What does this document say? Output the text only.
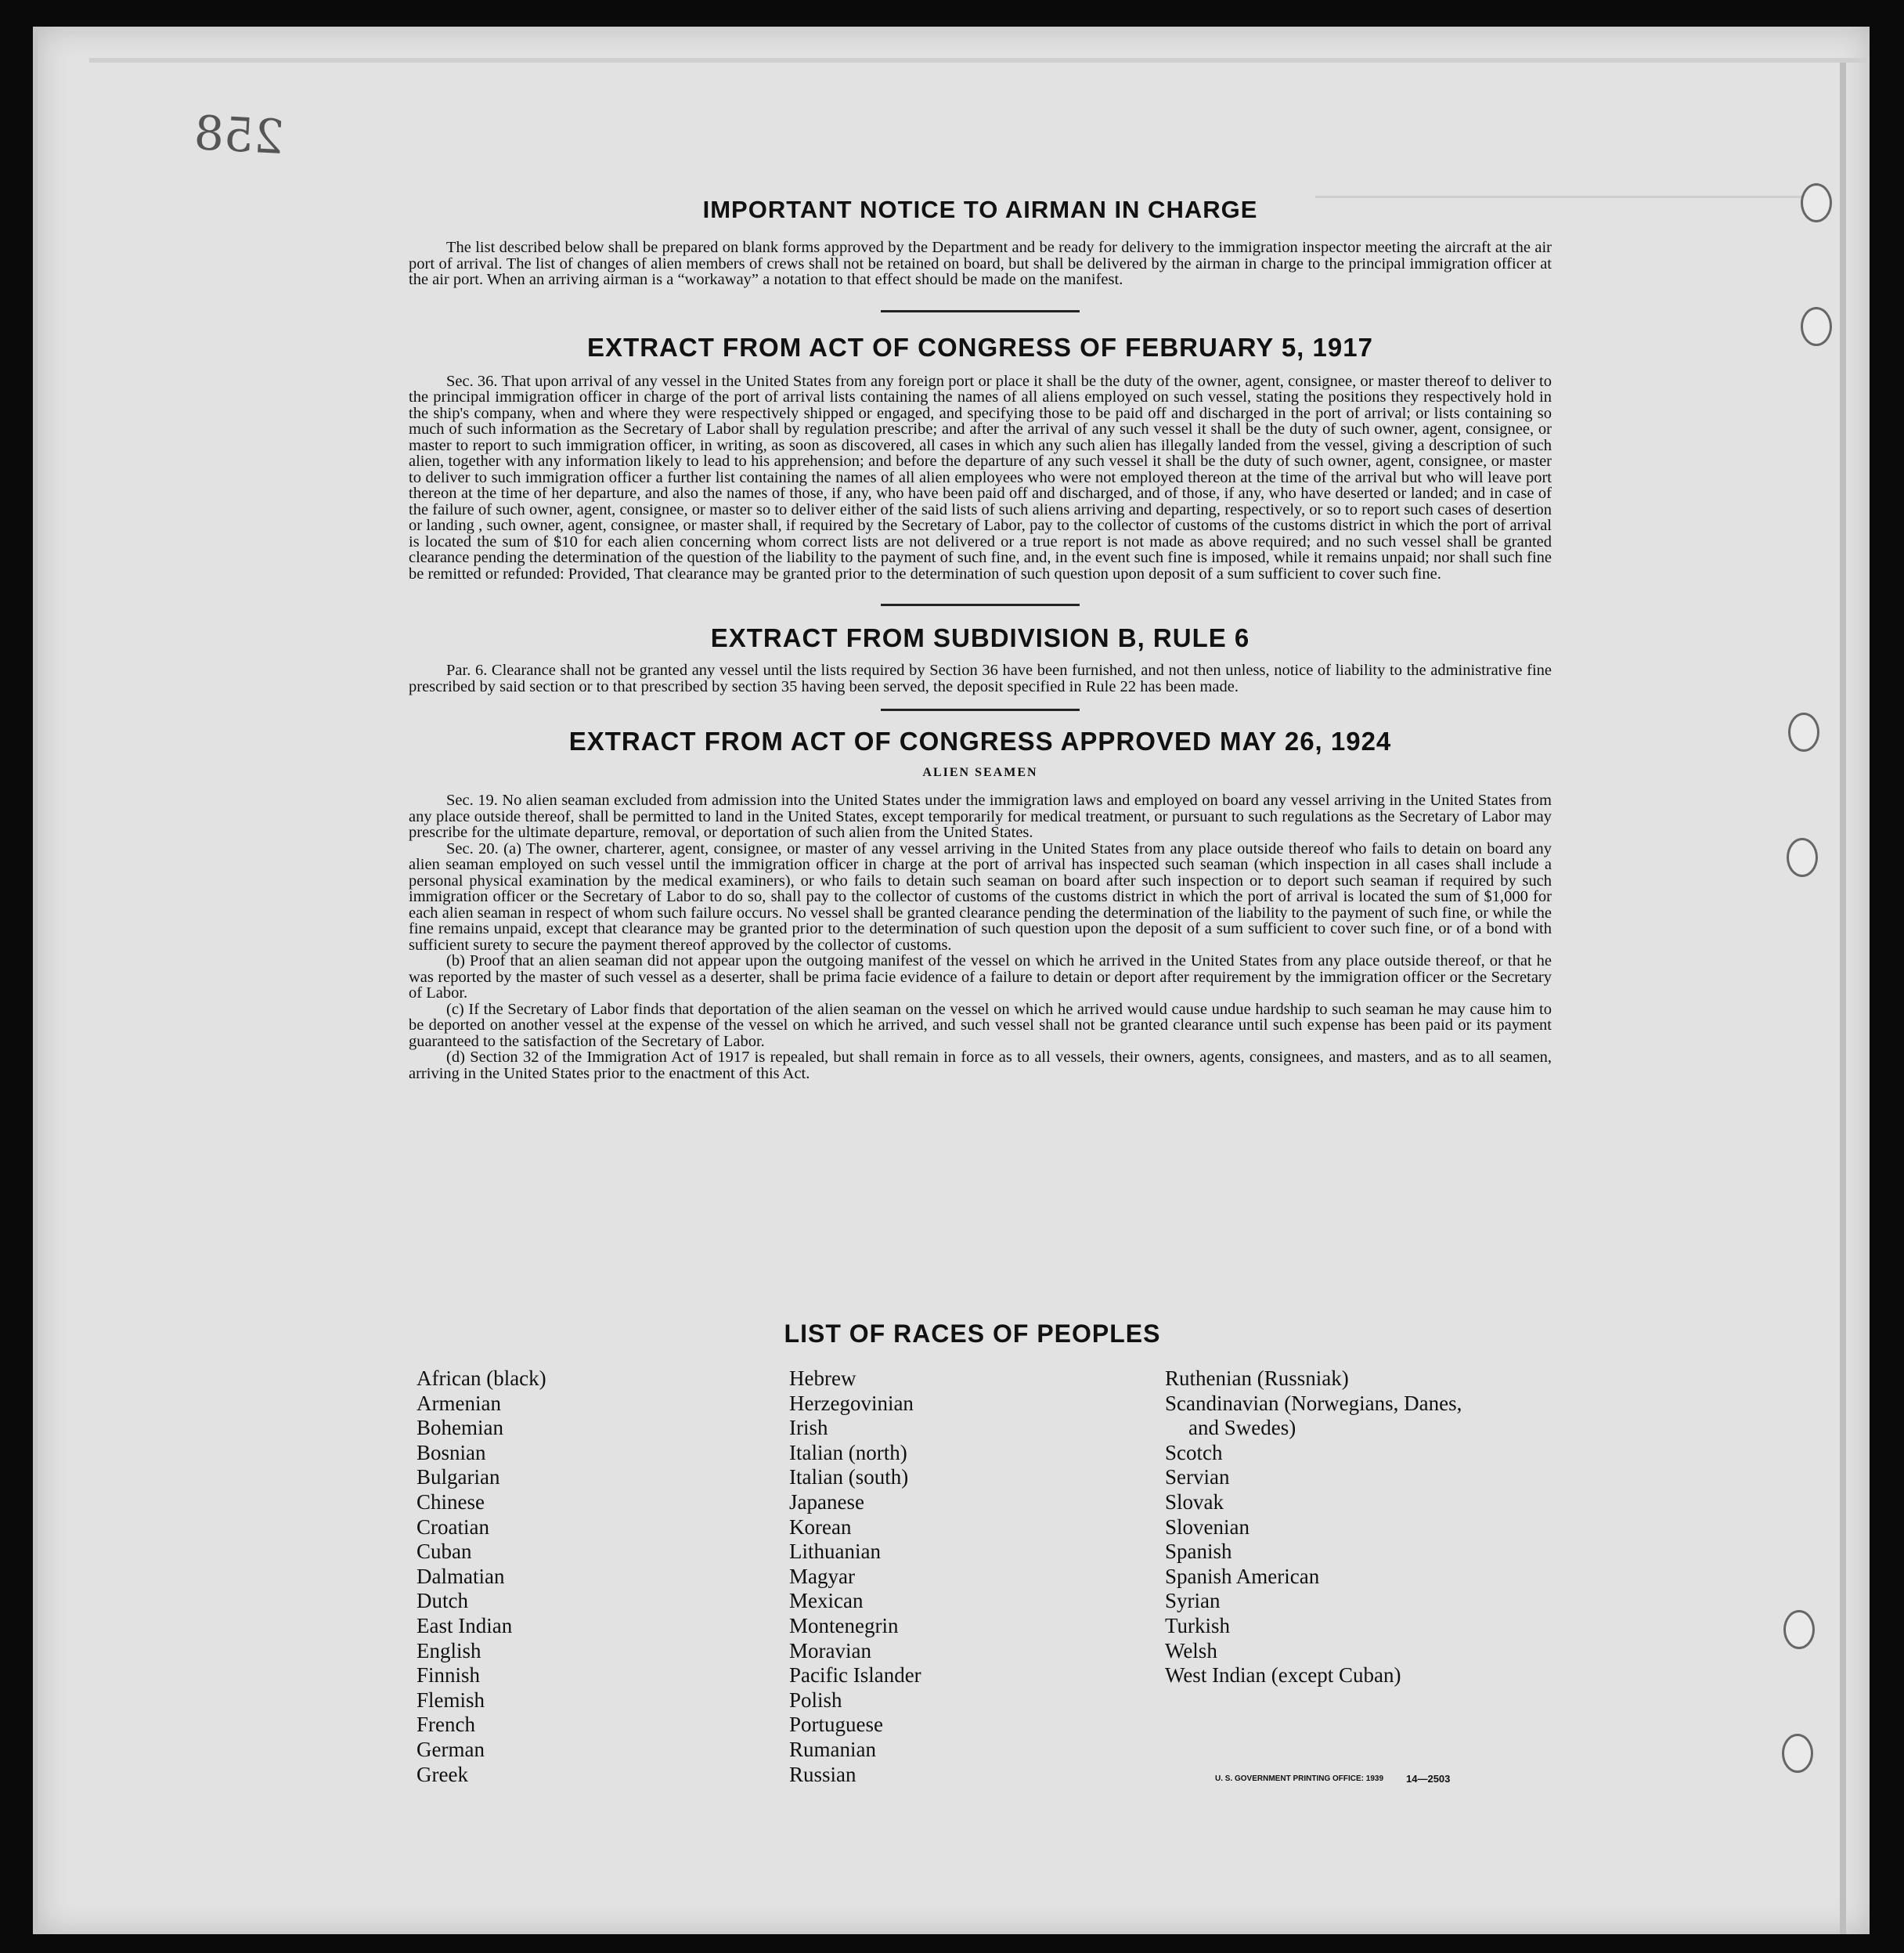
258
IMPORTANT NOTICE TO AIRMAN IN CHARGE

The list described below shall be prepared on blank forms approved by the Department and be ready for delivery to the immigration inspector meeting the aircraft at the air port of arrival. The list of changes of alien members of crews shall not be retained on board, but shall be delivered by the airman in charge to the principal immigration officer at the air port. When an arriving airman is a “workaway” a notation to that effect should be made on the manifest.

EXTRACT FROM ACT OF CONGRESS OF FEBRUARY 5, 1917

Sec. 36. That upon arrival of any vessel in the United States from any foreign port or place it shall be the duty of the owner, agent, consignee, or master thereof to deliver to the principal immigration officer in charge of the port of arrival lists containing the names of all aliens employed on such vessel, stating the positions they respectively hold in the ship's company, when and where they were respectively shipped or engaged, and specifying those to be paid off and discharged in the port of arrival; or lists containing so much of such information as the Secretary of Labor shall by regulation prescribe; and after the arrival of any such vessel it shall be the duty of such owner, agent, consignee, or master to report to such immigration officer, in writing, as soon as discovered, all cases in which any such alien has illegally landed from the vessel, giving a description of such alien, together with any information likely to lead to his apprehension; and before the departure of any such vessel it shall be the duty of such owner, agent, consignee, or master to deliver to such immigration officer a further list containing the names of all alien employees who were not employed thereon at the time of the arrival but who will leave port thereon at the time of her departure, and also the names of those, if any, who have been paid off and discharged, and of those, if any, who have deserted or landed; and in case of the failure of such owner, agent, consignee, or master so to deliver either of the said lists of such aliens arriving and departing, respectively, or so to report such cases of desertion or landing , such owner, agent, consignee, or master shall, if required by the Secretary of Labor, pay to the collector of customs of the customs district in which the port of arrival is located the sum of $10 for each alien concerning whom correct lists are not delivered or a true report is not made as above required; and no such vessel shall be granted clearance pending the determination of the question of the liability to the payment of such fine, and, in the event such fine is imposed, while it remains unpaid; nor shall such fine be remitted or refunded: Provided, That clearance may be granted prior to the determination of such question upon deposit of a sum sufficient to cover such fine.

EXTRACT FROM SUBDIVISION B, RULE 6

Par. 6. Clearance shall not be granted any vessel until the lists required by Section 36 have been furnished, and not then unless, notice of liability to the administrative fine prescribed by said section or to that prescribed by section 35 having been served, the deposit specified in Rule 22 has been made.

EXTRACT FROM ACT OF CONGRESS APPROVED MAY 26, 1924
ALIEN SEAMEN

Sec. 19. No alien seaman excluded from admission into the United States under the immigration laws and employed on board any vessel arriving in the United States from any place outside thereof, shall be permitted to land in the United States, except temporarily for medical treatment, or pursuant to such regulations as the Secretary of Labor may prescribe for the ultimate departure, removal, or deportation of such alien from the United States.

Sec. 20. (a) The owner, charterer, agent, consignee, or master of any vessel arriving in the United States from any place outside thereof who fails to detain on board any alien seaman employed on such vessel until the immigration officer in charge at the port of arrival has inspected such seaman (which inspection in all cases shall include a personal physical examination by the medical examiners), or who fails to detain such seaman on board after such inspection or to deport such seaman if required by such immigration officer or the Secretary of Labor to do so, shall pay to the collector of customs of the customs district in which the port of arrival is located the sum of $1,000 for each alien seaman in respect of whom such failure occurs. No vessel shall be granted clearance pending the determination of the liability to the payment of such fine, or while the fine remains unpaid, except that clearance may be granted prior to the determination of such question upon the deposit of a sum sufficient to cover such fine, or of a bond with sufficient surety to secure the payment thereof approved by the collector of customs.

(b) Proof that an alien seaman did not appear upon the outgoing manifest of the vessel on which he arrived in the United States from any place outside thereof, or that he was reported by the master of such vessel as a deserter, shall be prima facie evidence of a failure to detain or deport after requirement by the immigration officer or the Secretary of Labor.

(c) If the Secretary of Labor finds that deportation of the alien seaman on the vessel on which he arrived would cause undue hardship to such seaman he may cause him to be deported on another vessel at the expense of the vessel on which he arrived, and such vessel shall not be granted clearance until such expense has been paid or its payment guaranteed to the satisfaction of the Secretary of Labor.

(d) Section 32 of the Immigration Act of 1917 is repealed, but shall remain in force as to all vessels, their owners, agents, consignees, and masters, and as to all seamen, arriving in the United States prior to the enactment of this Act.

LIST OF RACES OF PEOPLES
African (black)
Armenian
Bohemian
Bosnian
Bulgarian
Chinese
Croatian
Cuban
Dalmatian
Dutch
East Indian
English
Finnish
Flemish
French
German
Greek
Hebrew
Herzegovinian
Irish
Italian (north)
Italian (south)
Japanese
Korean
Lithuanian
Magyar
Mexican
Montenegrin
Moravian
Pacific Islander
Polish
Portuguese
Rumanian
Russian
Ruthenian (Russniak)
Scandinavian (Norwegians, Danes,
and Swedes)
Scotch
Servian
Slovak
Slovenian
Spanish
Spanish American
Syrian
Turkish
Welsh
West Indian (except Cuban)
U. S. GOVERNMENT PRINTING OFFICE: 1939 14—2503
